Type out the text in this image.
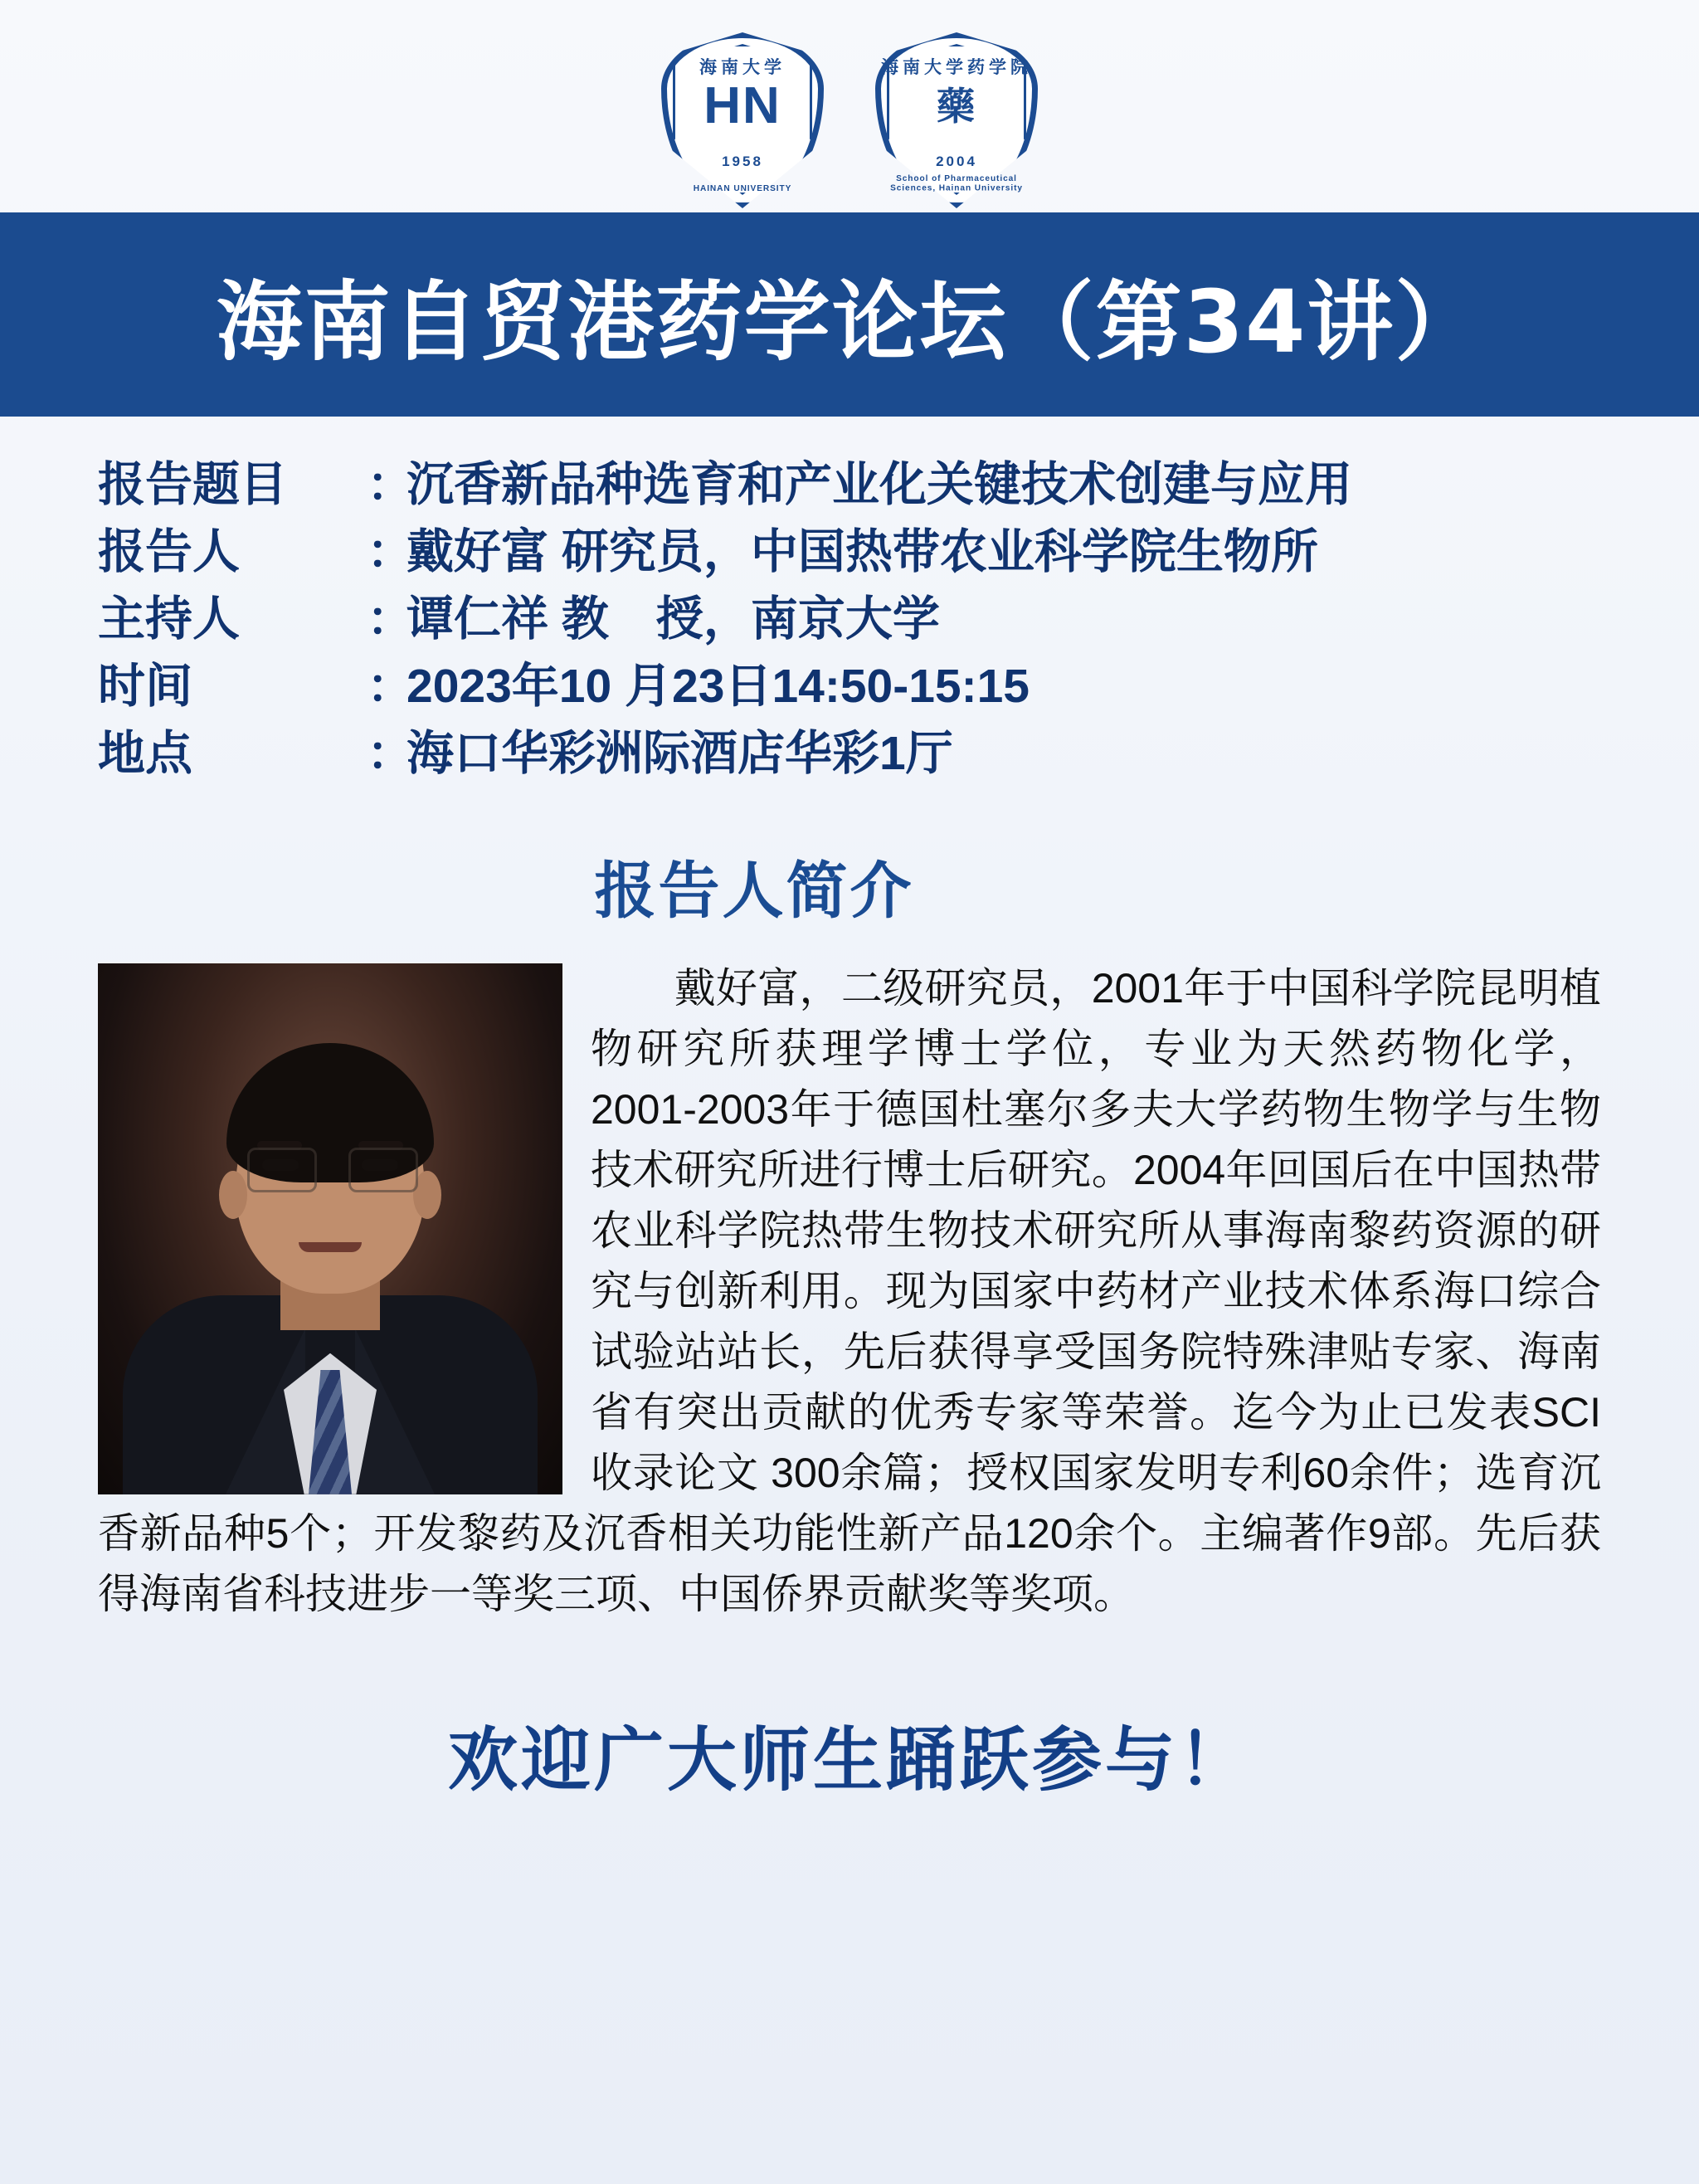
海南大学
HN
1958
HAINAN UNIVERSITY
海南大学药学院
藥
2004
School of Pharmaceutical Sciences, Hainan University
海南自贸港药学论坛（第34讲）
报告题目	：
沉香新品种选育和产业化关键技术创建与应用
报告人	：
戴好富 研究员，中国热带农业科学院生物所
主持人	：
谭仁祥 教　授，南京大学
时间	：
2023年10 月23日14:50-15:15
地点	：
海口华彩洲际酒店华彩1厅
报告人简介
　　戴好富，二级研究员，2001年于中国科学院昆明植物研究所获理学博士学位，专业为天然药物化学，2001-2003年于德国杜塞尔多夫大学药物生物学与生物技术研究所进行博士后研究。2004年回国后在中国热带农业科学院热带生物技术研究所从事海南黎药资源的研究与创新利用。现为国家中药材产业技术体系海口综合试验站站长，先后获得享受国务院特殊津贴专家、海南省有突出贡献的优秀专家等荣誉。迄今为止已发表SCI收录论文 300余篇；授权国家发明专利60余件；选育沉香新品种5个；开发黎药及沉香相关功能性新产品120余个。主编著作9部。先后获得海南省科技进步一等奖三项、中国侨界贡献奖等奖项。
欢迎广大师生踊跃参与！
